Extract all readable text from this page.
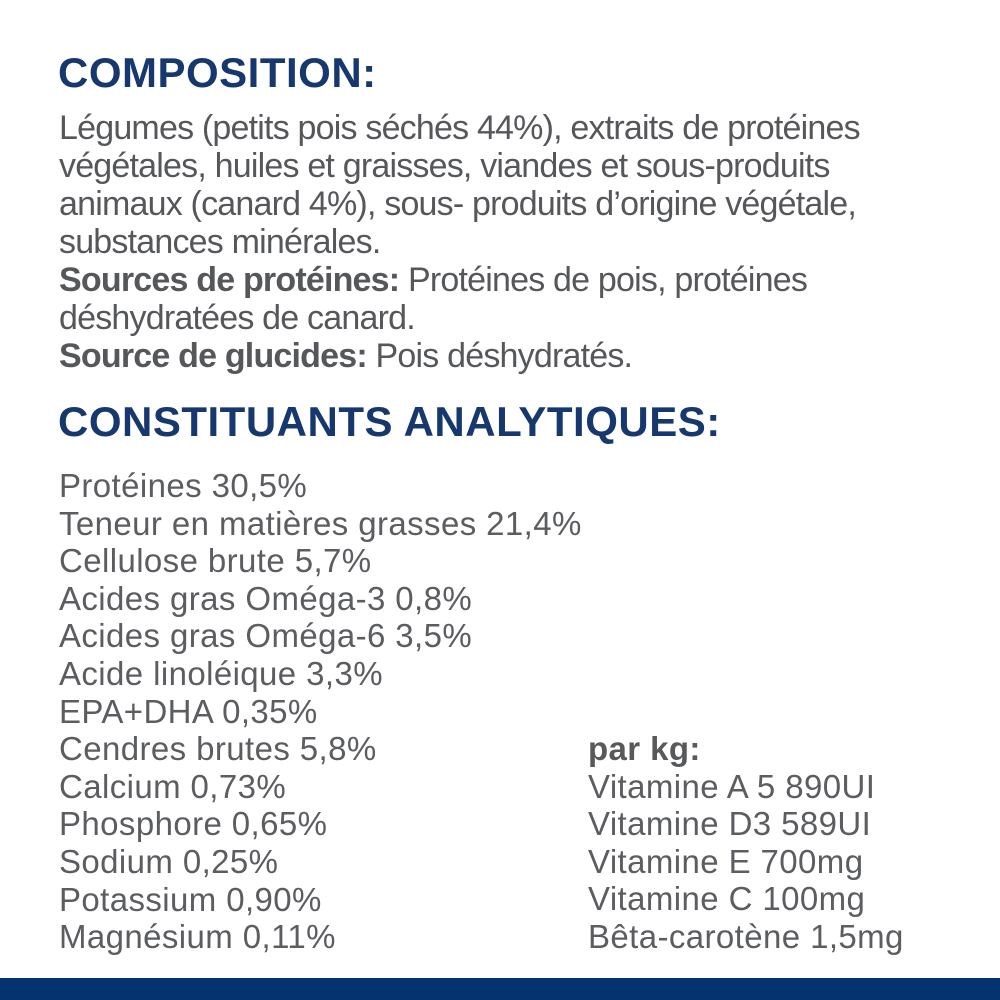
COMPOSITION:
Légumes (petits pois séchés 44%), extraits de protéines
végétales, huiles et graisses, viandes et sous-produits
animaux (canard 4%), sous- produits d’origine végétale,
substances minérales.
Sources de protéines: Protéines de pois, protéines
déshydratées de canard.
Source de glucides: Pois déshydratés.
CONSTITUANTS ANALYTIQUES:
Protéines 30,5%
Teneur en matières grasses 21,4%
Cellulose brute 5,7%
Acides gras Oméga-3 0,8%
Acides gras Oméga-6 3,5%
Acide linoléique 3,3%
EPA+DHA 0,35%
Cendres brutes 5,8%
Calcium 0,73%
Phosphore 0,65%
Sodium 0,25%
Potassium 0,90%
Magnésium 0,11%
par kg:
Vitamine A 5 890UI
Vitamine D3 589UI
Vitamine E 700mg
Vitamine C 100mg
Bêta-carotène 1,5mg
